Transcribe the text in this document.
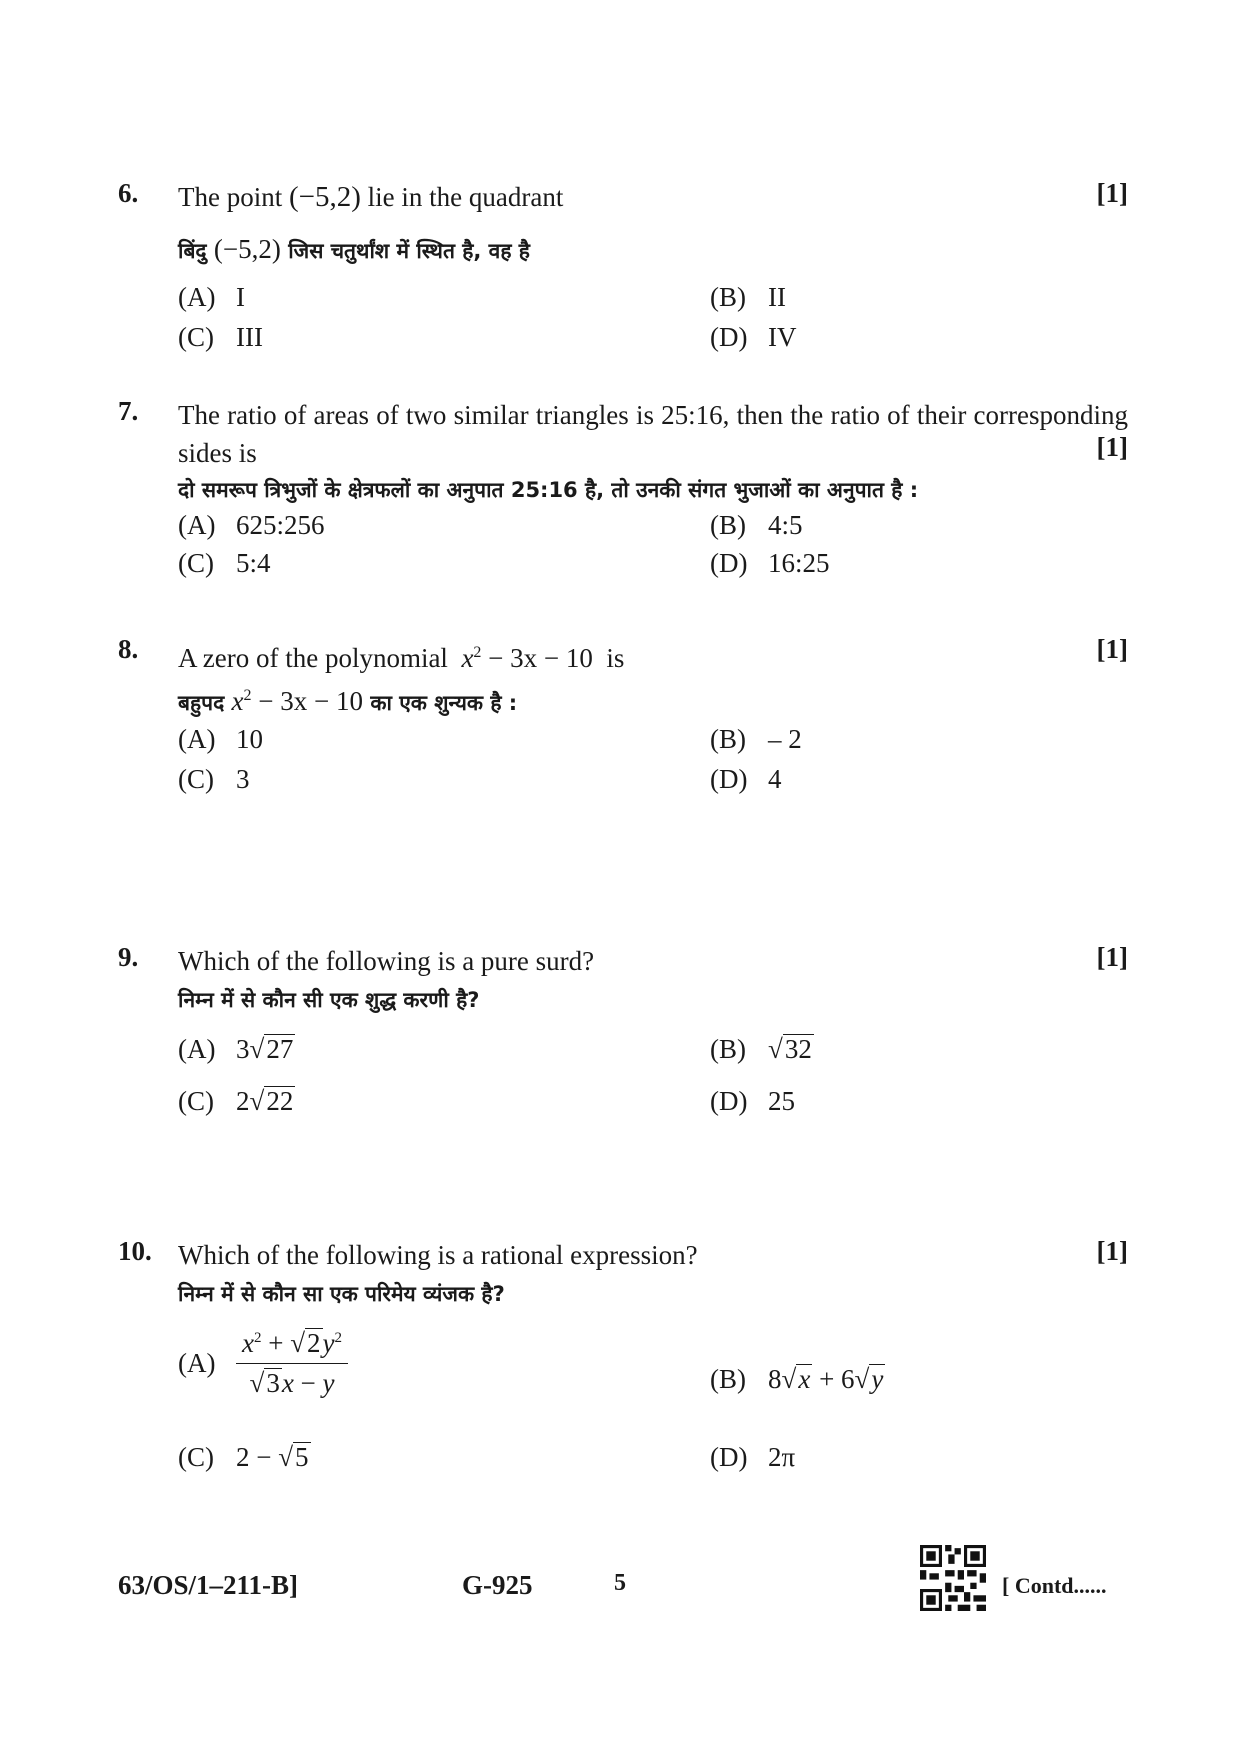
6. The point (−5,2) lie in the quadrant	[1]
बिंदु (−5,2) जिस चतुर्थांश में स्थित है, वह है
(A) I	(B) II
(C) III	(D) IV
7. The ratio of areas of two similar triangles is 25:16, then the ratio of their corresponding sides is	[1]
दो समरूप त्रिभुजों के क्षेत्रफलों का अनुपात 25:16 है, तो उनकी संगत भुजाओं का अनुपात है :
(A) 625:256	(B) 4:5
(C) 5:4	(D) 16:25
8. A zero of the polynomial $x^2 - 3x - 10$ is	[1]
बहुपद $x^2 - 3x - 10$ का एक शुन्यक है :
(A) 10	(B) – 2
(C) 3	(D) 4
9. Which of the following is a pure surd?	[1]
निम्न में से कौन सी एक शुद्ध करणी है?
(A) 3√27	(B) √32
(C) 2√22	(D) 25
10. Which of the following is a rational expression?	[1]
निम्न में से कौन सा एक परिमेय व्यंजक है?
$(A) \frac{x^2 + √2y^2}{√3x - y}$	(B) 8√x + 6√y
(C) 2 − √5	(D) 2π
63/OS/1–211-B]	G-925	5	[ Contd......
